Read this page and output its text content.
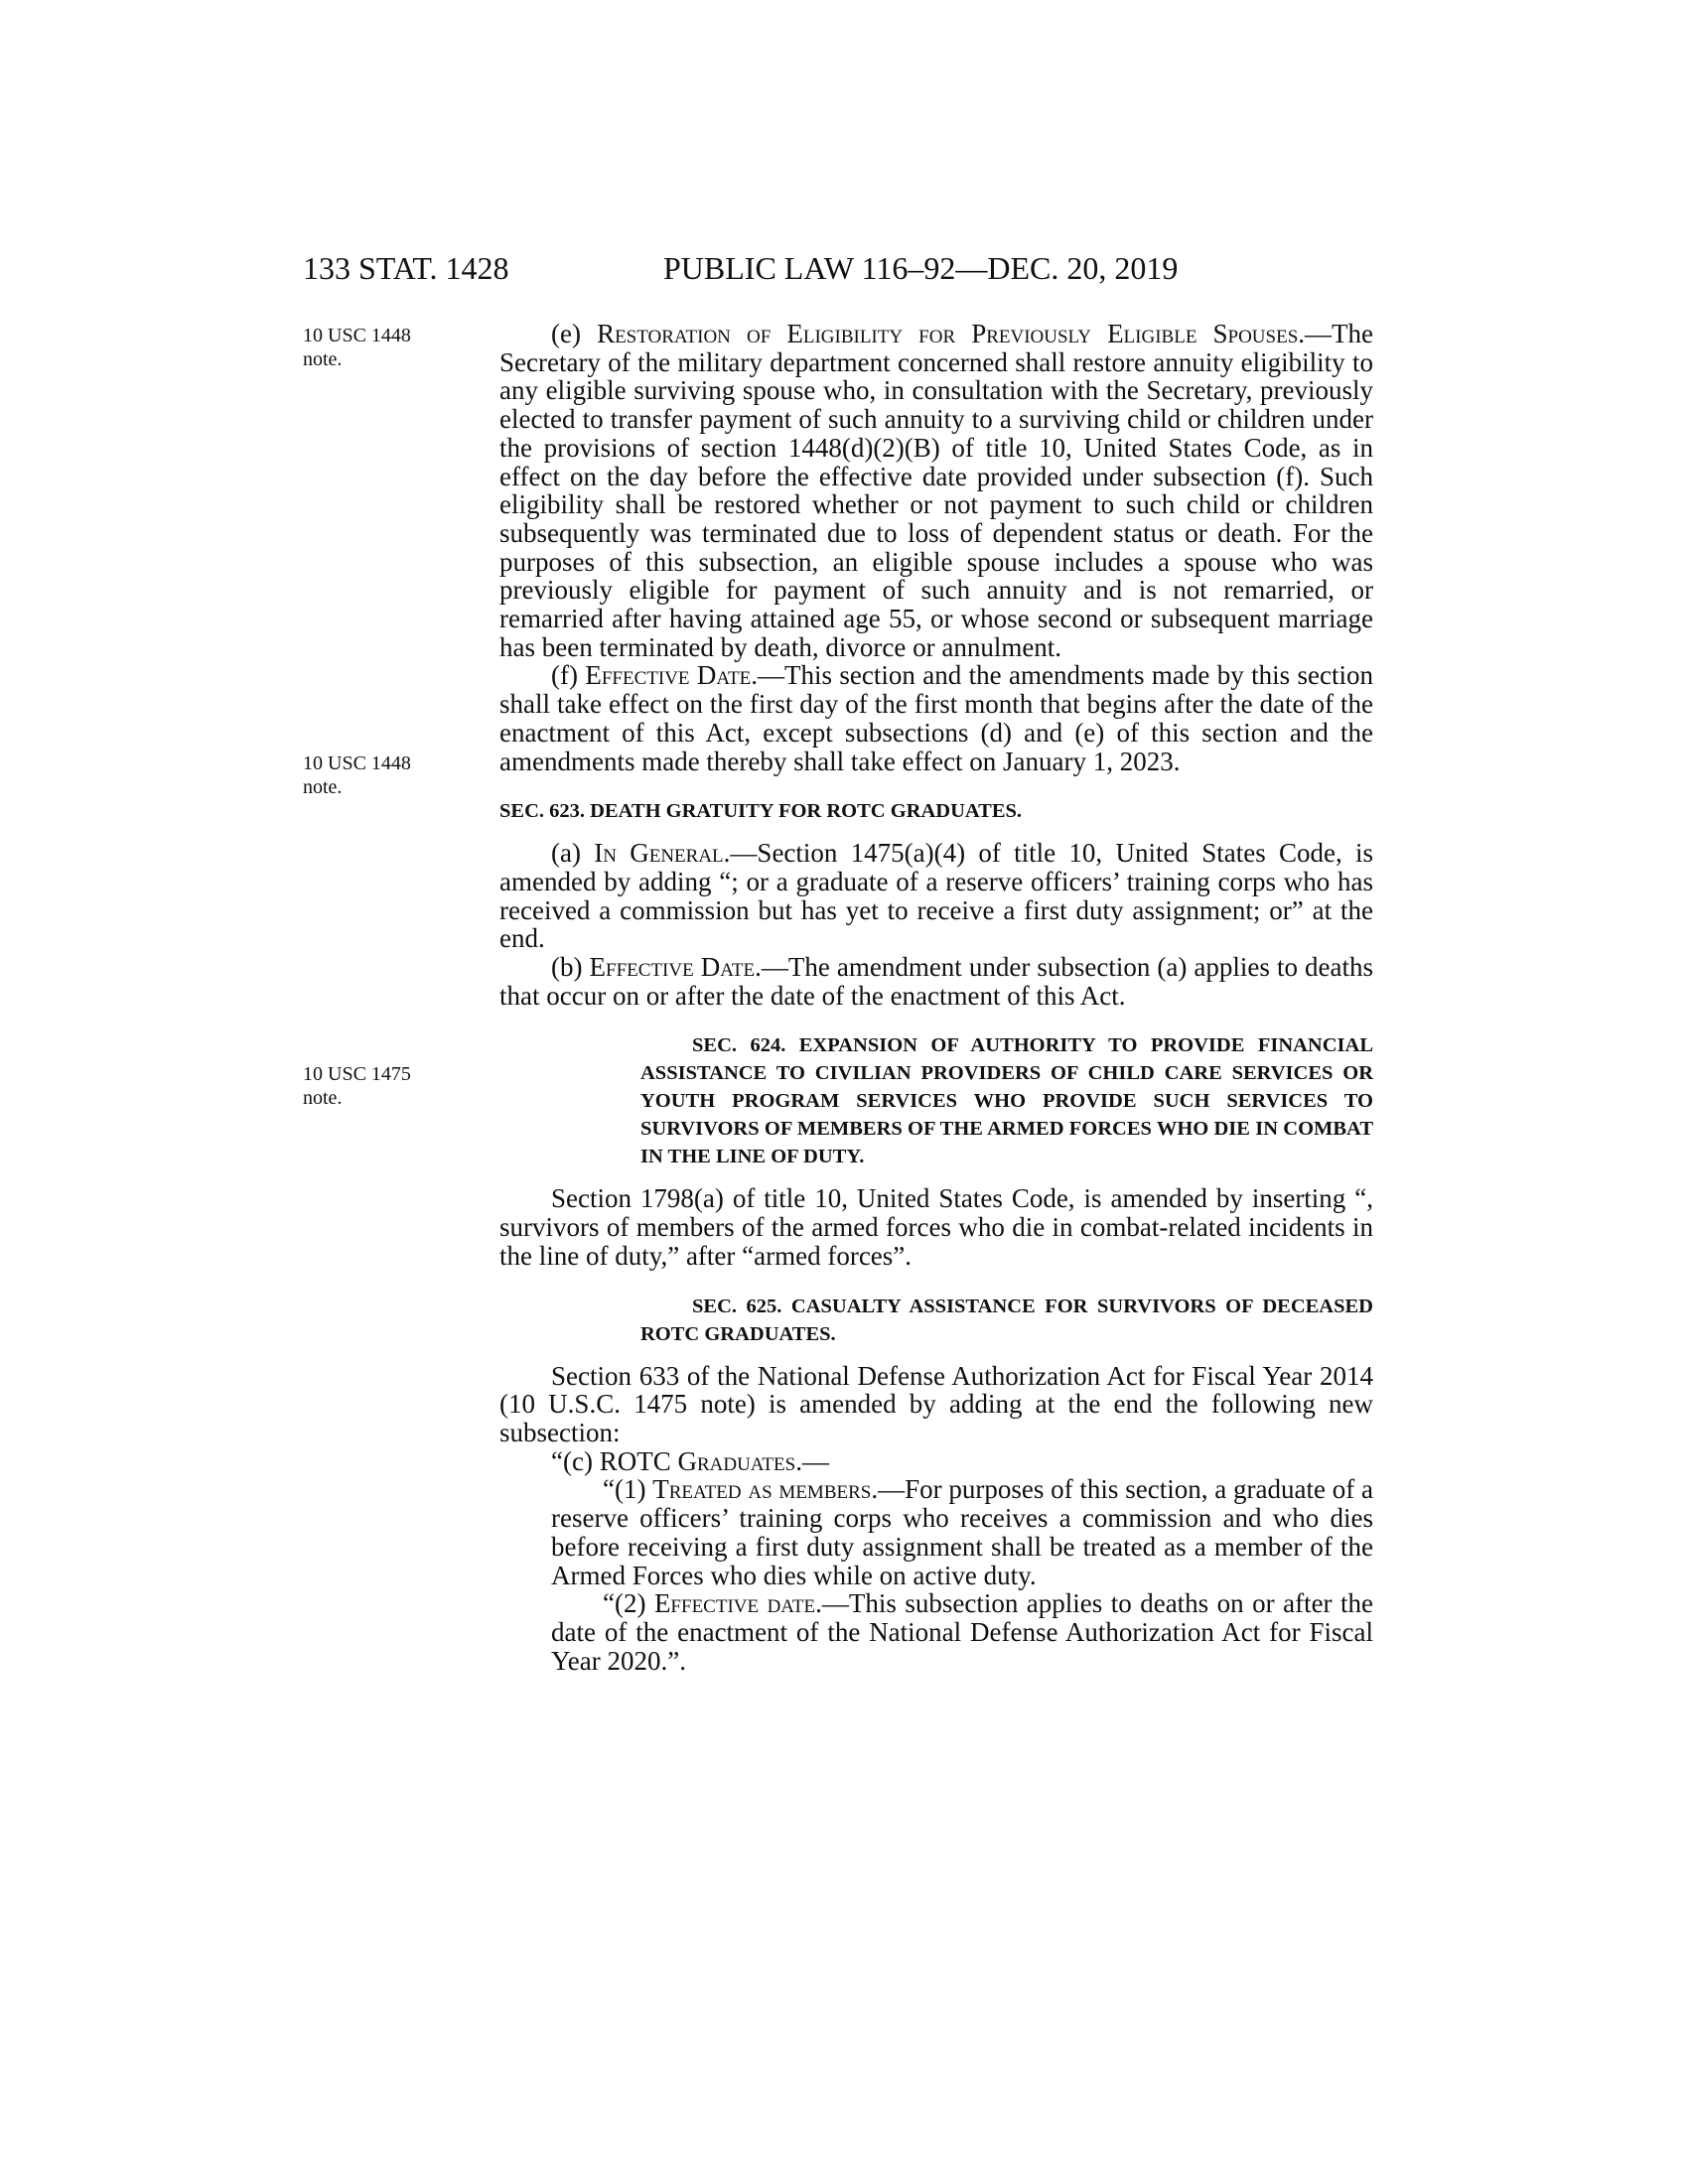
133 STAT. 1428	PUBLIC LAW 116–92—DEC. 20, 2019
10 USC 1448
note.
10 USC 1448
note.
10 USC 1475
note.

(e) Restoration of Eligibility for Previously Eligible Spouses.—The Secretary of the military department concerned shall restore annuity eligibility to any eligible surviving spouse who, in consultation with the Secretary, previously elected to transfer payment of such annuity to a surviving child or children under the provisions of section 1448(d)(2)(B) of title 10, United States Code, as in effect on the day before the effective date provided under subsection (f). Such eligibility shall be restored whether or not payment to such child or children subsequently was terminated due to loss of dependent status or death. For the purposes of this subsection, an eligible spouse includes a spouse who was previously eligible for payment of such annuity and is not remarried, or remarried after having attained age 55, or whose second or subsequent marriage has been terminated by death, divorce or annulment.

(f) Effective Date.—This section and the amendments made by this section shall take effect on the first day of the first month that begins after the date of the enactment of this Act, except subsections (d) and (e) of this section and the amendments made thereby shall take effect on January 1, 2023.

SEC. 623. DEATH GRATUITY FOR ROTC GRADUATES.

(a) In General.—Section 1475(a)(4) of title 10, United States Code, is amended by adding “; or a graduate of a reserve officers’ training corps who has received a commission but has yet to receive a first duty assignment; or” at the end.

(b) Effective Date.—The amendment under subsection (a) applies to deaths that occur on or after the date of the enactment of this Act.

SEC. 624. EXPANSION OF AUTHORITY TO PROVIDE FINANCIAL ASSISTANCE TO CIVILIAN PROVIDERS OF CHILD CARE SERVICES OR YOUTH PROGRAM SERVICES WHO PROVIDE SUCH SERVICES TO SURVIVORS OF MEMBERS OF THE ARMED FORCES WHO DIE IN COMBAT IN THE LINE OF DUTY.

Section 1798(a) of title 10, United States Code, is amended by inserting “, survivors of members of the armed forces who die in combat-related incidents in the line of duty,” after “armed forces”.

SEC. 625. CASUALTY ASSISTANCE FOR SURVIVORS OF DECEASED ROTC GRADUATES.

Section 633 of the National Defense Authorization Act for Fiscal Year 2014 (10 U.S.C. 1475 note) is amended by adding at the end the following new subsection:

“(c) ROTC Graduates.—

“(1) Treated as members.—For purposes of this section, a graduate of a reserve officers’ training corps who receives a commission and who dies before receiving a first duty assignment shall be treated as a member of the Armed Forces who dies while on active duty.

“(2) Effective date.—This subsection applies to deaths on or after the date of the enactment of the National Defense Authorization Act for Fiscal Year 2020.”.
